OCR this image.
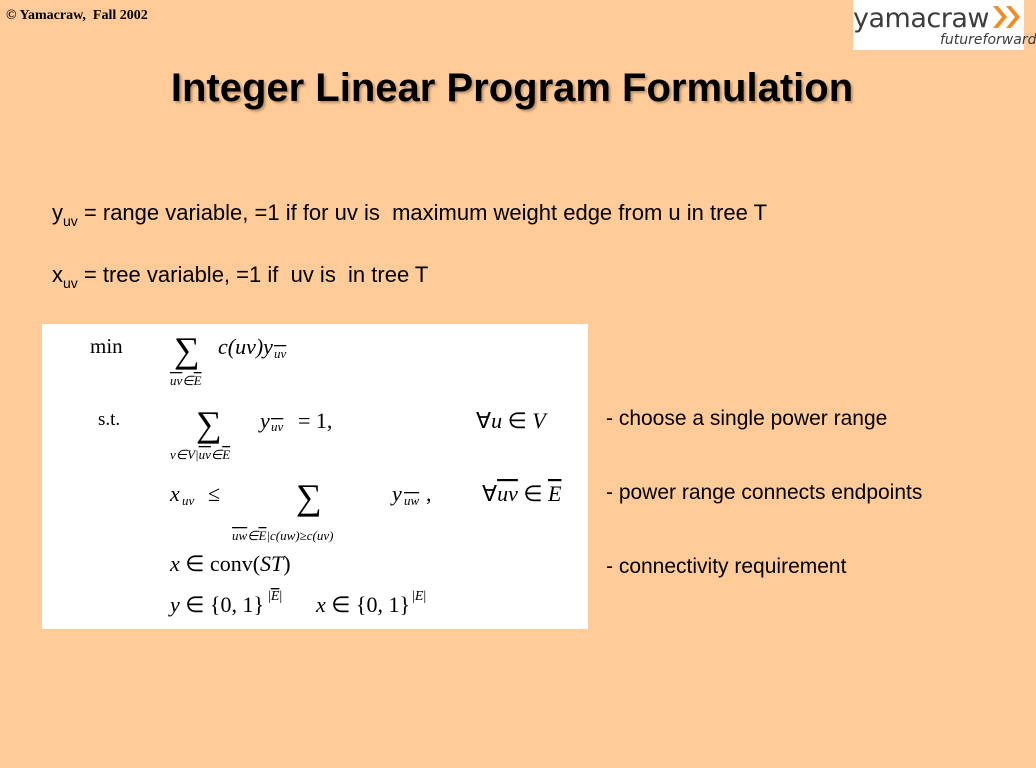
© Yamacraw,  Fall 2002	yamacraw
futureforward
Integer Linear Program Formulation
$y_{uv}$ = range variable, =1 if for uv is  maximum weight edge from u in tree T
$x_{uv}$ = tree variable, =1 if  uv is  in tree T
min ∑ c(uv)y uv
uv∈E
s.t. ∑ y uv = 1,	∀u ∈ V
v∈V|uv∈E
x uv ≤ ∑	y uw , ∀uv ∈ E
uw∈E|c(uw)≥c(uv)
x ∈ conv(ST)
y ∈ {0, 1} |E| x ∈ {0, 1} |E|
- choose a single power range
- power range connects endpoints
- connectivity requirement
